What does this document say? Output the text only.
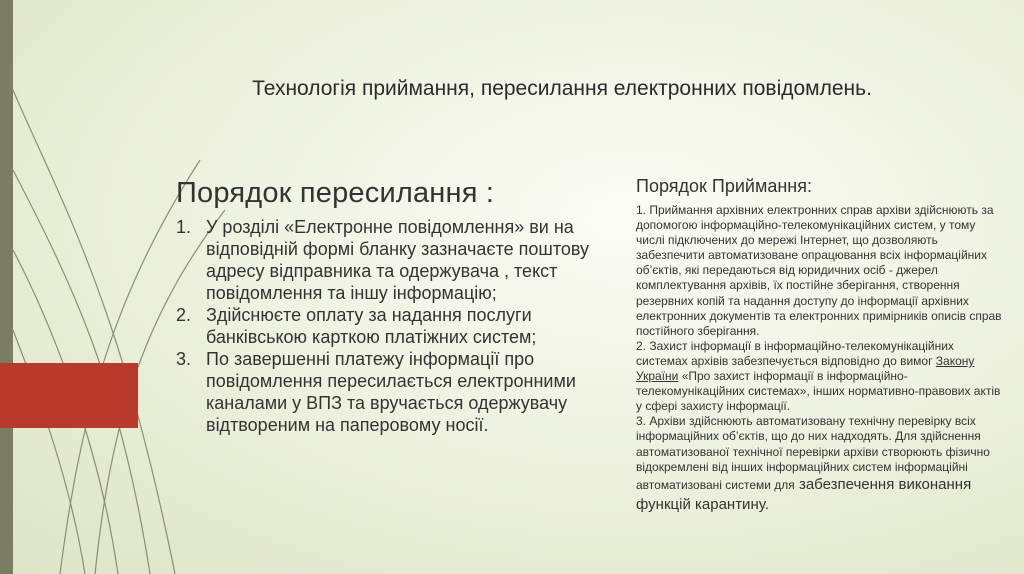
Технологія приймання, пересилання електронних повідомлень.
Порядок пересилання :
1. У розділі «Електронне повідомлення» ви на відповідній формі бланку зазначаєте поштову адресу відправника та одержувача , текст повідомлення та іншу інформацію;
2. Здійснюєте оплату за надання послуги банківською карткою платіжних систем;
3. По завершенні платежу інформації про повідомлення пересилається електронними каналами у ВПЗ та вручається одержувачу відтвореним на паперовому носії.
Порядок Приймання:

1. Приймання архівних електронних справ архіви здійснюють за допомогою інформаційно-телекомунікаційних систем, у тому числі підключених до мережі Інтернет, що дозволяють забезпечити автоматизоване опрацювання всіх інформаційних об’єктів, які передаються від юридичних осіб - джерел комплектування архівів, їх постійне зберігання, створення резервних копій та надання доступу до інформації архівних електронних документів та електронних примірників описів справ постійного зберігання.

2. Захист інформації в інформаційно-телекомунікаційних системах архівів забезпечується відповідно до вимог Закону України «Про захист інформації в інформаційно-телекомунікаційних системах», інших нормативно-правових актів у сфері захисту інформації.

3. Архіви здійснюють автоматизовану технічну перевірку всіх інформаційних об’єктів, що до них надходять. Для здійснення автоматизованої технічної перевірки архіви створюють фізично відокремлені від інших інформаційних систем інформаційні автоматизовані системи для забезпечення виконання функцій карантину.
